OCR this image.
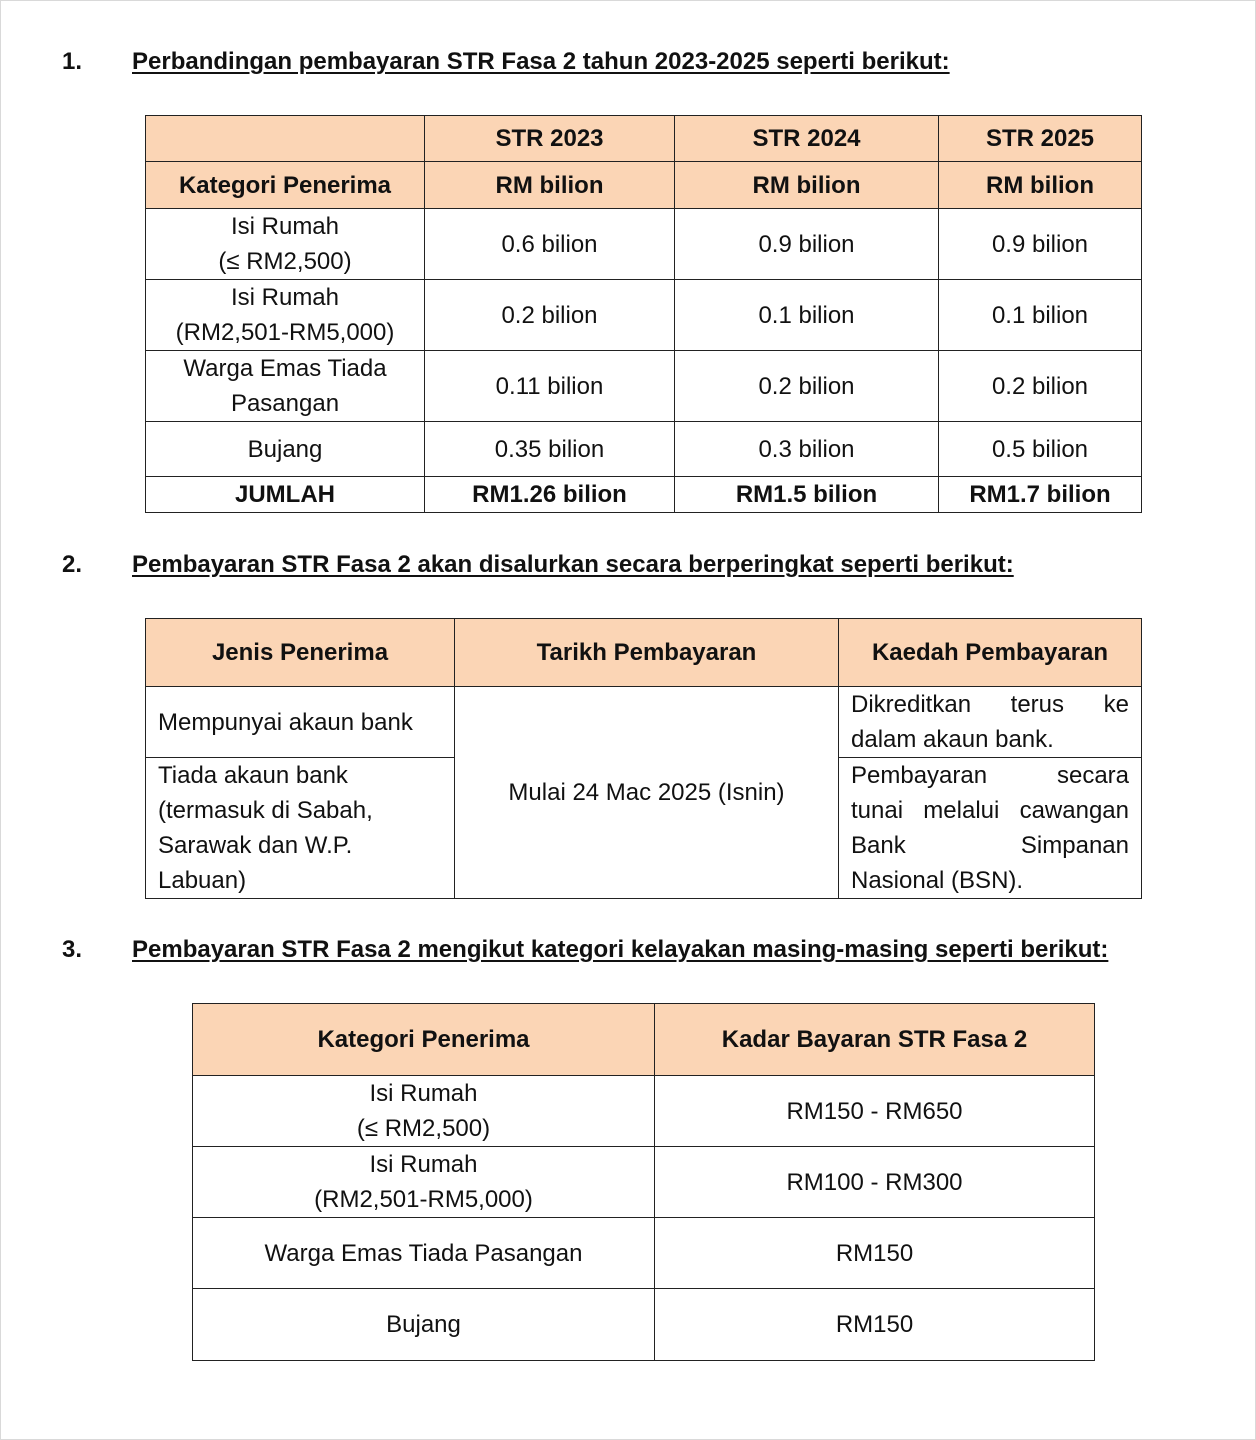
1. Perbandingan pembayaran STR Fasa 2 tahun 2023-2025 seperti berikut:
	STR 2023	STR 2024	STR 2025
Kategori Penerima	RM bilion	RM bilion	RM bilion

Isi Rumah
(≤ RM2,500)	0.6 bilion	0.9 bilion	0.9 bilion

Isi Rumah
(RM2,501-RM5,000)	0.2 bilion	0.1 bilion	0.1 bilion

Warga Emas Tiada
Pasangan	0.11 bilion	0.2 bilion	0.2 bilion
Bujang	0.35 bilion	0.3 bilion	0.5 bilion
JUMLAH	RM1.26 bilion	RM1.5 bilion	RM1.7 bilion
2. Pembayaran STR Fasa 2 akan disalurkan secara berperingkat seperti berikut:
Jenis Penerima	Tarikh Pembayaran	Kaedah Pembayaran
Mempunyai akaun bank	Mulai 24 Mac 2025 (Isnin)	Dikreditkan terus ke
dalam akaun bank.

Tiada akaun bank
(termasuk di Sabah,
Sarawak dan W.P.
Labuan)		Pembayaran secara
tunai melalui cawangan
Bank Simpanan
Nasional (BSN).
3. Pembayaran STR Fasa 2 mengikut kategori kelayakan masing-masing seperti berikut:
Kategori Penerima	Kadar Bayaran STR Fasa 2

Isi Rumah
(≤ RM2,500)	RM150 - RM650

Isi Rumah
(RM2,501-RM5,000)	RM100 - RM300
Warga Emas Tiada Pasangan	RM150
Bujang	RM150
